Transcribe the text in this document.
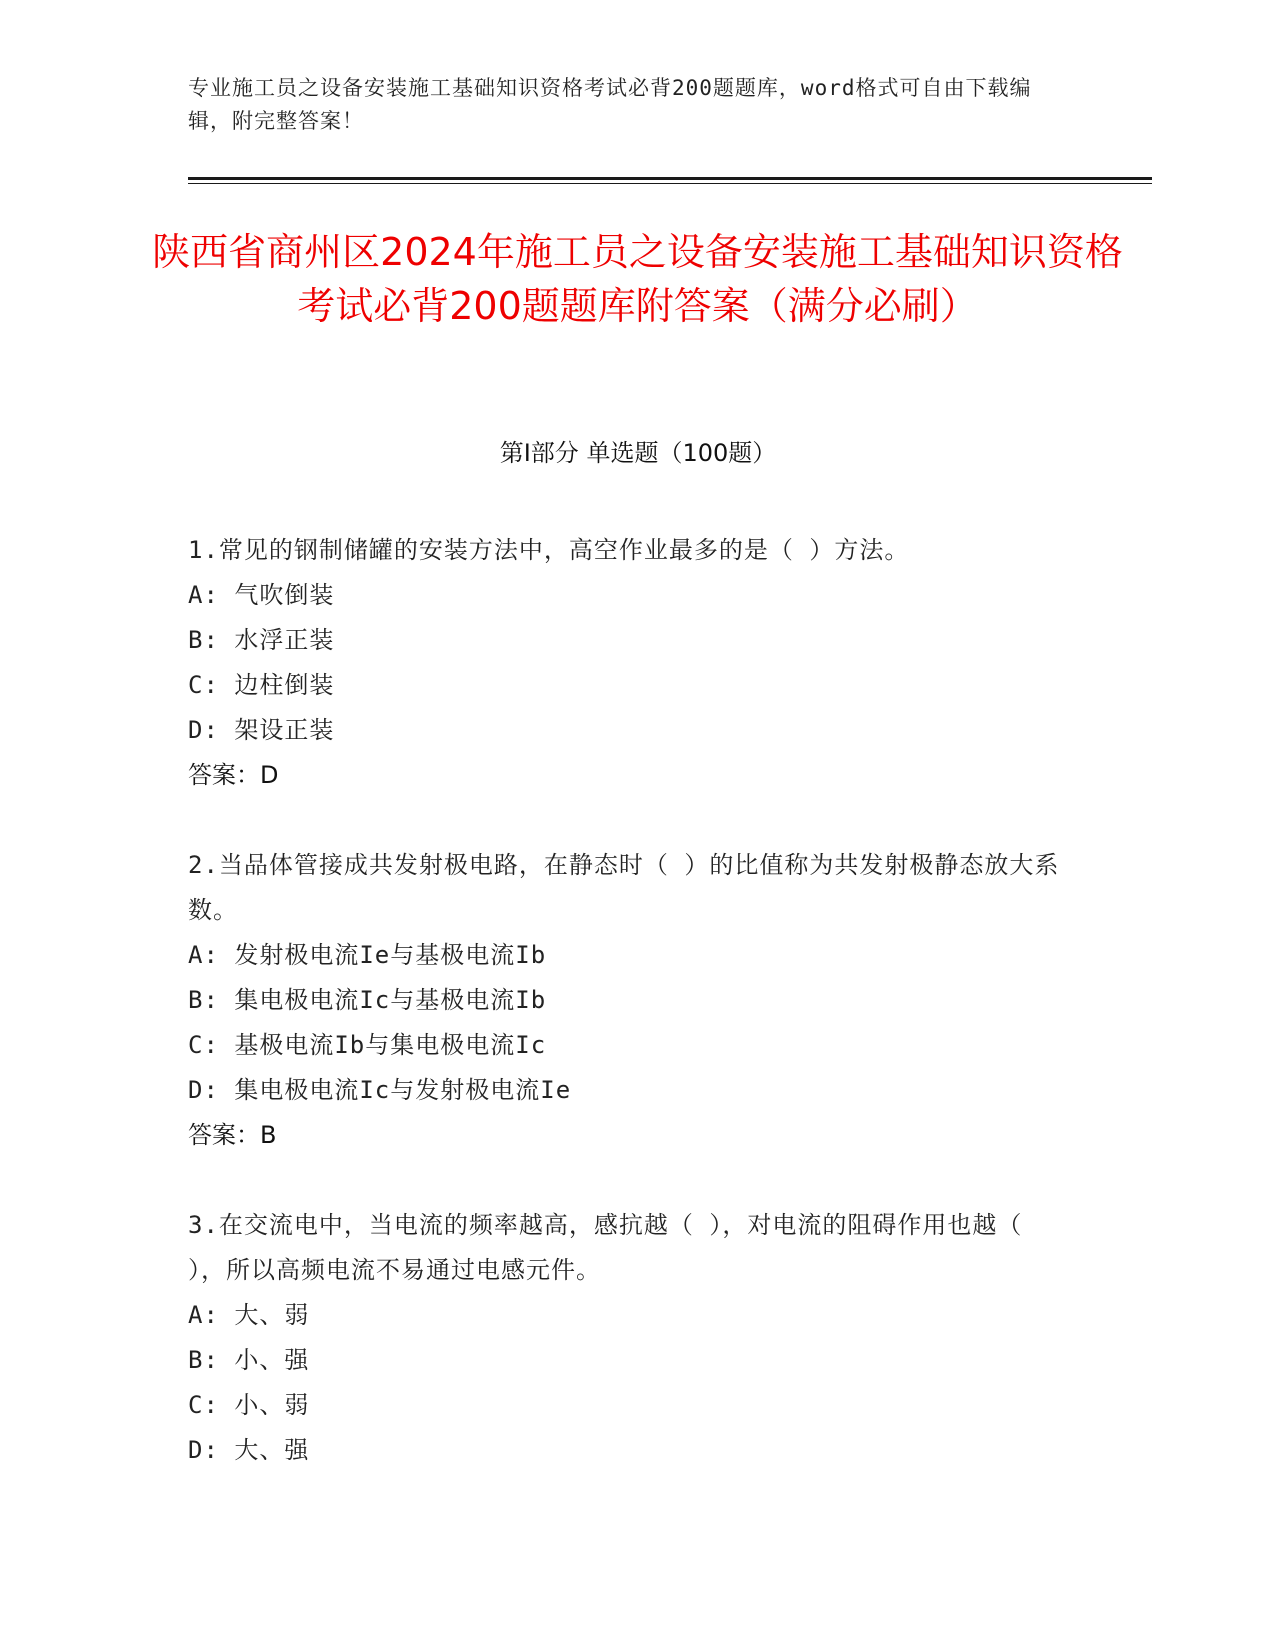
专业施工员之设备安装施工基础知识资格考试必背200题题库，word格式可自由下载编辑，附完整答案！
陕西省商州区2024年施工员之设备安装施工基础知识资格考试必背200题题库附答案（满分必刷）
第I部分 单选题（100题）

1.常见的钢制储罐的安装方法中，高空作业最多的是（ ）方法。

A: 气吹倒装

B: 水浮正装

C: 边柱倒装

D: 架设正装

答案：D

2.当品体管接成共发射极电路，在静态时（ ）的比值称为共发射极静态放大系数。

A: 发射极电流Ie与基极电流Ib

B: 集电极电流Ic与基极电流Ib

C: 基极电流Ib与集电极电流Ic

D: 集电极电流Ic与发射极电流Ie

答案：B

3.在交流电中，当电流的频率越高，感抗越（ ），对电流的阻碍作用也越（ ），所以高频电流不易通过电感元件。

A: 大、弱

B: 小、强

C: 小、弱

D: 大、强
